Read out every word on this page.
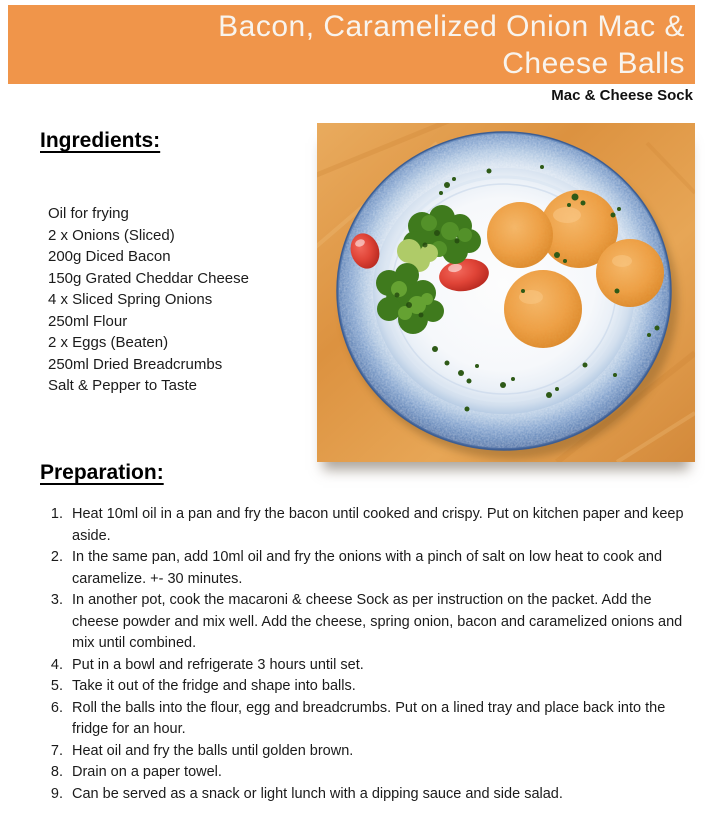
Bacon, Caramelized Onion Mac &
Cheese Balls
Mac & Cheese Sock
Ingredients:
Oil for frying
2 x Onions (Sliced)
200g Diced Bacon
150g Grated Cheddar Cheese
4 x Sliced Spring Onions
250ml Flour
2 x Eggs (Beaten)
250ml Dried Breadcrumbs
Salt & Pepper to Taste
Preparation:
1. Heat 10ml oil in a pan and fry the bacon until cooked and crispy. Put on kitchen paper and keep aside.
2. In the same pan, add 10ml oil and fry the onions with a pinch of salt on low heat to cook and caramelize. +- 30 minutes.
3. In another pot, cook the macaroni & cheese Sock as per instruction on the packet. Add the cheese powder and mix well. Add the cheese, spring onion, bacon and caramelized onions and mix until combined.
4. Put in a bowl and refrigerate 3 hours until set.
5. Take it out of the fridge and shape into balls.
6. Roll the balls into the flour, egg and breadcrumbs. Put on a lined tray and place back into the fridge for an hour.
7. Heat oil and fry the balls until golden brown.
8. Drain on a paper towel.
9. Can be served as a snack or light lunch with a dipping sauce and side salad.
